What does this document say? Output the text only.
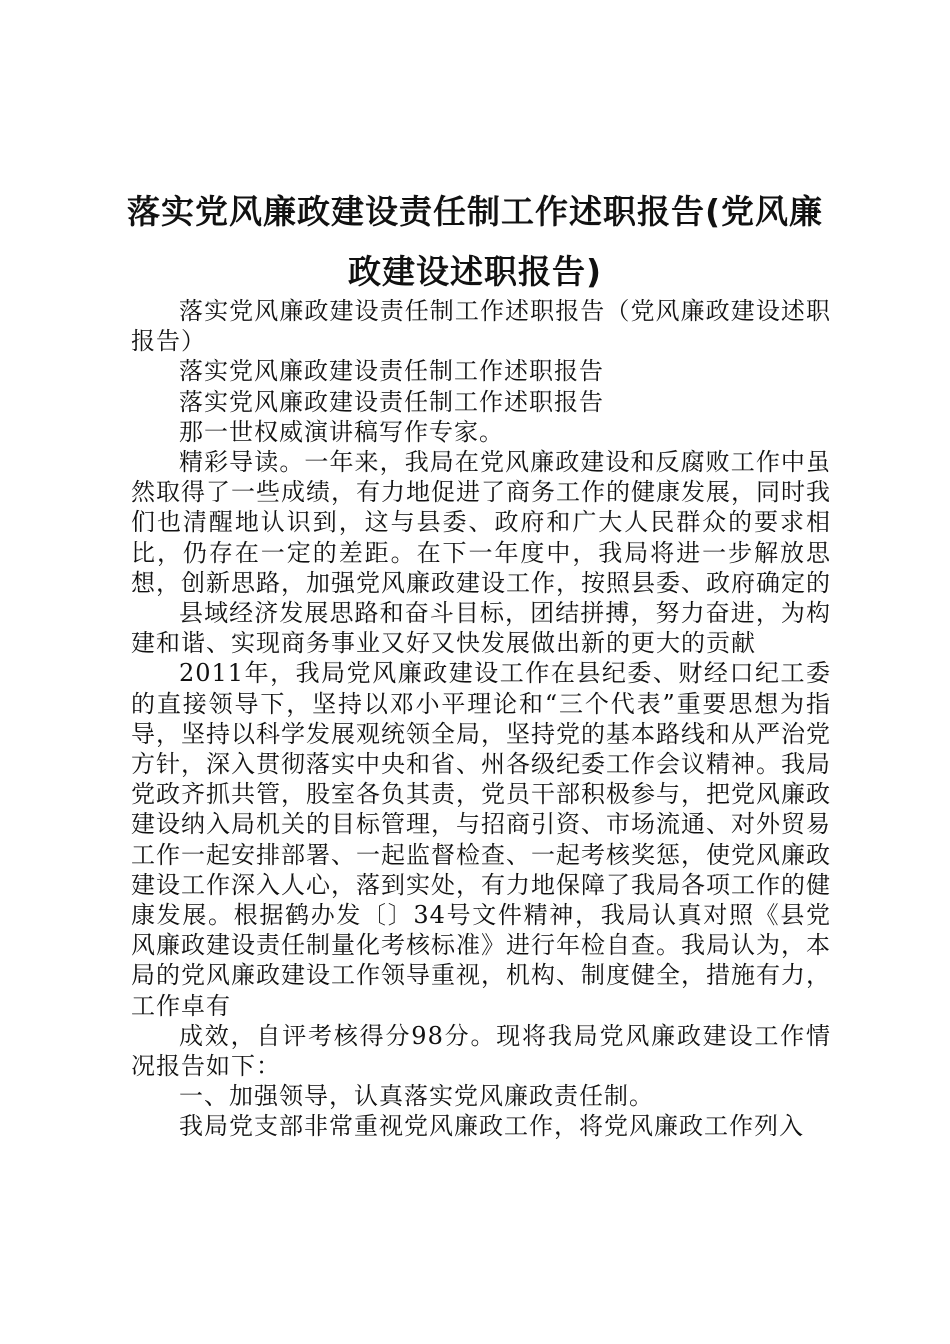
落实党风廉政建设责任制工作述职报告(党风廉政建设述职报告)

落实党风廉政建设责任制工作述职报告（党风廉政建设述职报告）

落实党风廉政建设责任制工作述职报告

落实党风廉政建设责任制工作述职报告

那一世权威演讲稿写作专家。

精彩导读。一年来，我局在党风廉政建设和反腐败工作中虽然取得了一些成绩，有力地促进了商务工作的健康发展，同时我们也清醒地认识到，这与县委、政府和广大人民群众的要求相比，仍存在一定的差距。在下一年度中，我局将进一步解放思想，创新思路，加强党风廉政建设工作，按照县委、政府确定的

县域经济发展思路和奋斗目标，团结拼搏，努力奋进，为构建和谐、实现商务事业又好又快发展做出新的更大的贡献

2011年，我局党风廉政建设工作在县纪委、财经口纪工委的直接领导下，坚持以邓小平理论和“三个代表”重要思想为指导，坚持以科学发展观统领全局，坚持党的基本路线和从严治党方针，深入贯彻落实中央和省、州各级纪委工作会议精神。我局党政齐抓共管，股室各负其责，党员干部积极参与，把党风廉政建设纳入局机关的目标管理，与招商引资、市场流通、对外贸易工作一起安排部署、一起监督检查、一起考核奖惩，使党风廉政建设工作深入人心，落到实处，有力地保障了我局各项工作的健康发展。根据鹤办发〔〕34号文件精神，我局认真对照《县党风廉政建设责任制量化考核标准》进行年检自查。我局认为，本局的党风廉政建设工作领导重视，机构、制度健全，措施有力，工作卓有

成效，自评考核得分98分。现将我局党风廉政建设工作情况报告如下：

一、加强领导，认真落实党风廉政责任制。

我局党支部非常重视党风廉政工作，将党风廉政工作列入
